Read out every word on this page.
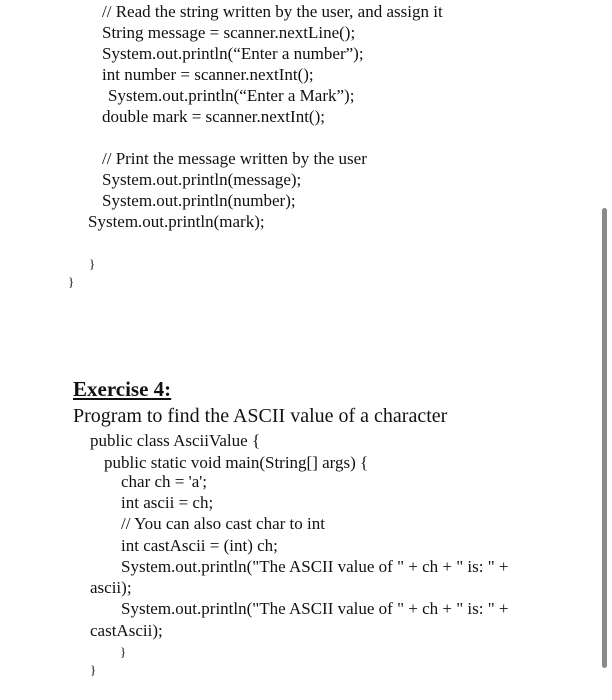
// Read the string written by the user, and assign it
String message = scanner.nextLine();
System.out.println(“Enter a number”);
int number = scanner.nextInt();
System.out.println(“Enter a Mark”);
double mark = scanner.nextInt();
// Print the message written by the user
System.out.println(message);
System.out.println(number);
System.out.println(mark);
}
}
Exercise 4:
Program to find the ASCII value of a character
public class AsciiValue {
public static void main(String[] args) {
char ch = 'a';
int ascii = ch;
// You can also cast char to int
int castAscii = (int) ch;
System.out.println("The ASCII value of " + ch + " is: " +
ascii);
System.out.println("The ASCII value of " + ch + " is: " +
castAscii);
}
}
